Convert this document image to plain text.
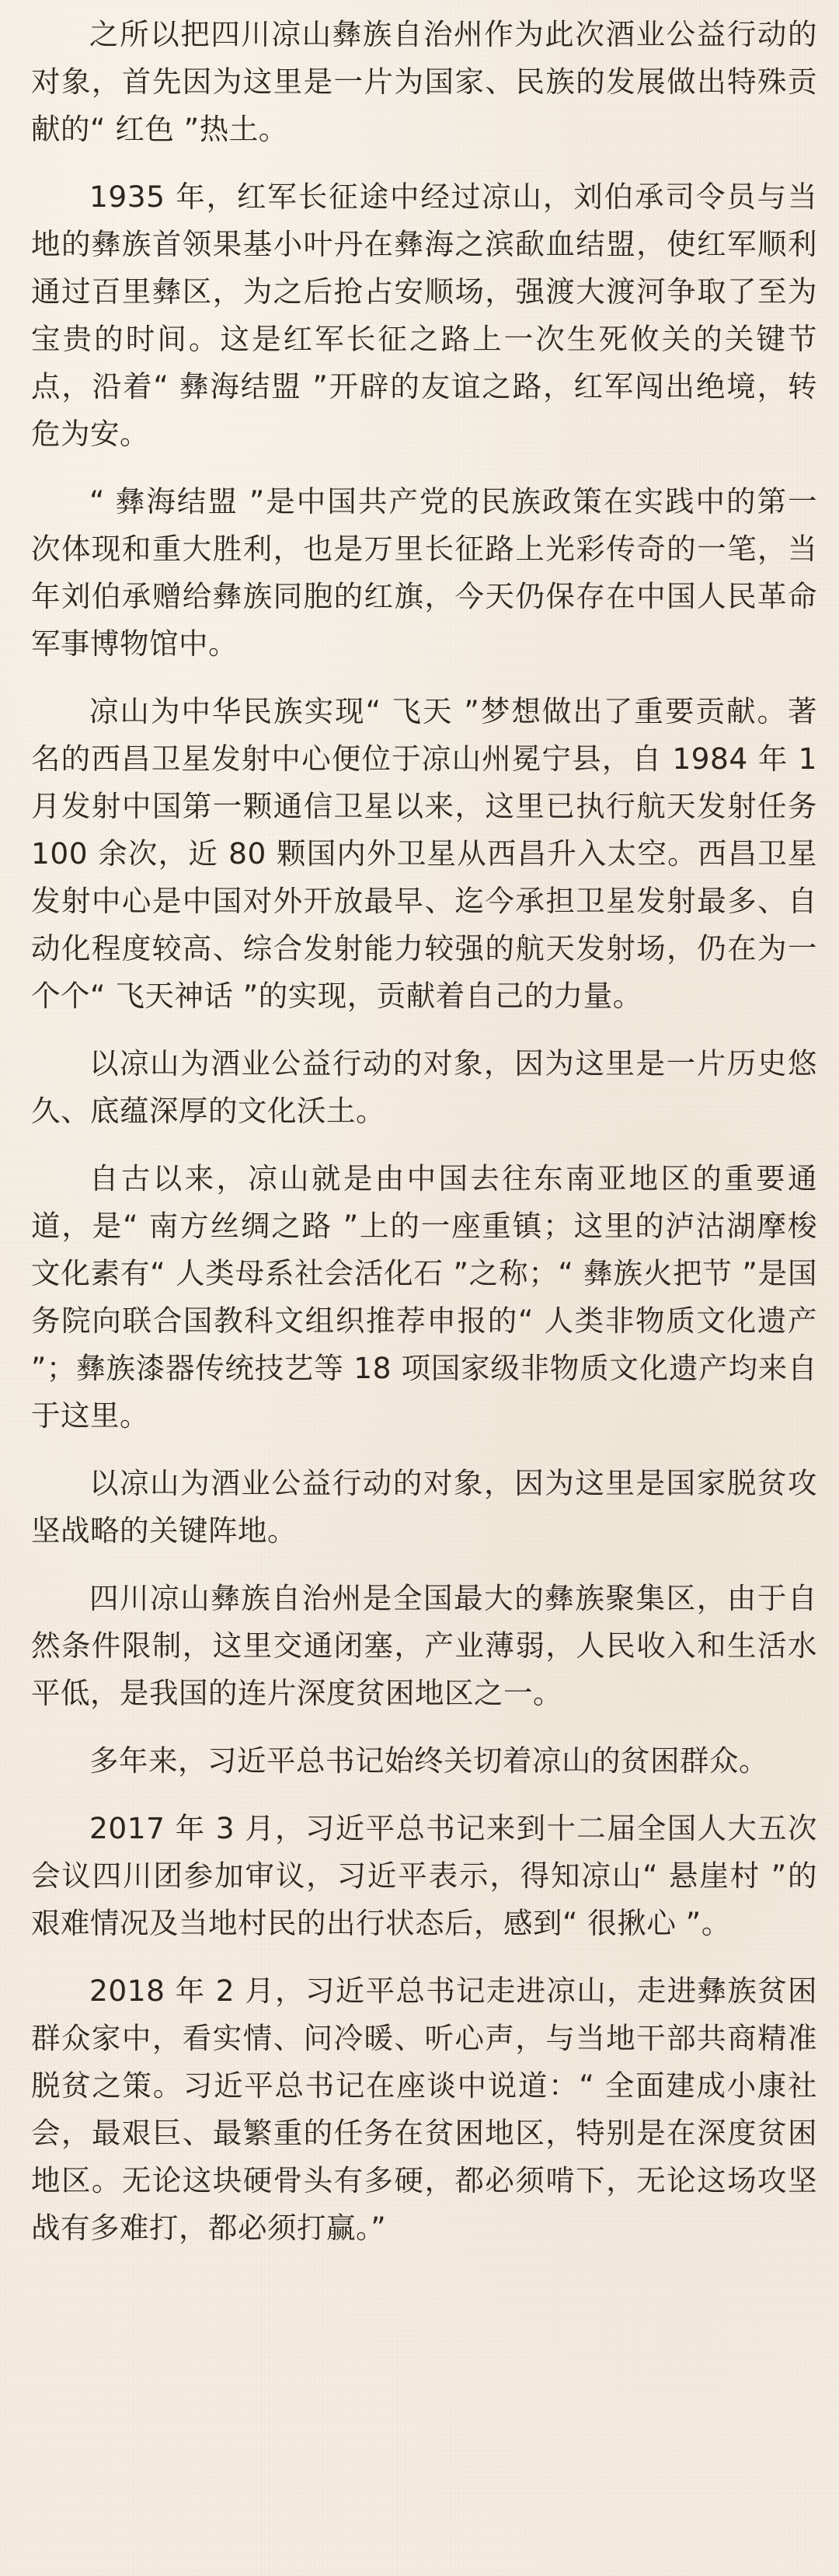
之所以把四川凉山彝族自治州作为此次酒业公益行动的对象，首先因为这里是一片为国家、民族的发展做出特殊贡献的“ 红色 ”热土。

1935 年，红军长征途中经过凉山，刘伯承司令员与当地的彝族首领果基小叶丹在彝海之滨歃血结盟，使红军顺利通过百里彝区，为之后抢占安顺场，强渡大渡河争取了至为宝贵的时间。这是红军长征之路上一次生死攸关的关键节点，沿着“ 彝海结盟 ”开辟的友谊之路，红军闯出绝境，转危为安。

“ 彝海结盟 ”是中国共产党的民族政策在实践中的第一次体现和重大胜利，也是万里长征路上光彩传奇的一笔，当年刘伯承赠给彝族同胞的红旗，今天仍保存在中国人民革命军事博物馆中。

凉山为中华民族实现“ 飞天 ”梦想做出了重要贡献。著名的西昌卫星发射中心便位于凉山州冕宁县，自 1984 年 1 月发射中国第一颗通信卫星以来，这里已执行航天发射任务 100 余次，近 80 颗国内外卫星从西昌升入太空。西昌卫星发射中心是中国对外开放最早、迄今承担卫星发射最多、自动化程度较高、综合发射能力较强的航天发射场，仍在为一个个“ 飞天神话 ”的实现，贡献着自己的力量。

以凉山为酒业公益行动的对象，因为这里是一片历史悠久、底蕴深厚的文化沃土。

自古以来，凉山就是由中国去往东南亚地区的重要通道，是“ 南方丝绸之路 ”上的一座重镇；这里的泸沽湖摩梭文化素有“ 人类母系社会活化石 ”之称；“ 彝族火把节 ”是国务院向联合国教科文组织推荐申报的“ 人类非物质文化遗产 ”；彝族漆器传统技艺等 18 项国家级非物质文化遗产均来自于这里。

以凉山为酒业公益行动的对象，因为这里是国家脱贫攻坚战略的关键阵地。

四川凉山彝族自治州是全国最大的彝族聚集区，由于自然条件限制，这里交通闭塞，产业薄弱，人民收入和生活水平低，是我国的连片深度贫困地区之一。

多年来，习近平总书记始终关切着凉山的贫困群众。

2017 年 3 月，习近平总书记来到十二届全国人大五次会议四川团参加审议，习近平表示，得知凉山“ 悬崖村 ”的艰难情况及当地村民的出行状态后，感到“ 很揪心 ”。

2018 年 2 月，习近平总书记走进凉山，走进彝族贫困群众家中，看实情、问冷暖、听心声，与当地干部共商精准脱贫之策。习近平总书记在座谈中说道：“ 全面建成小康社会，最艰巨、最繁重的任务在贫困地区，特别是在深度贫困地区。无论这块硬骨头有多硬，都必须啃下，无论这场攻坚战有多难打，都必须打赢。”
